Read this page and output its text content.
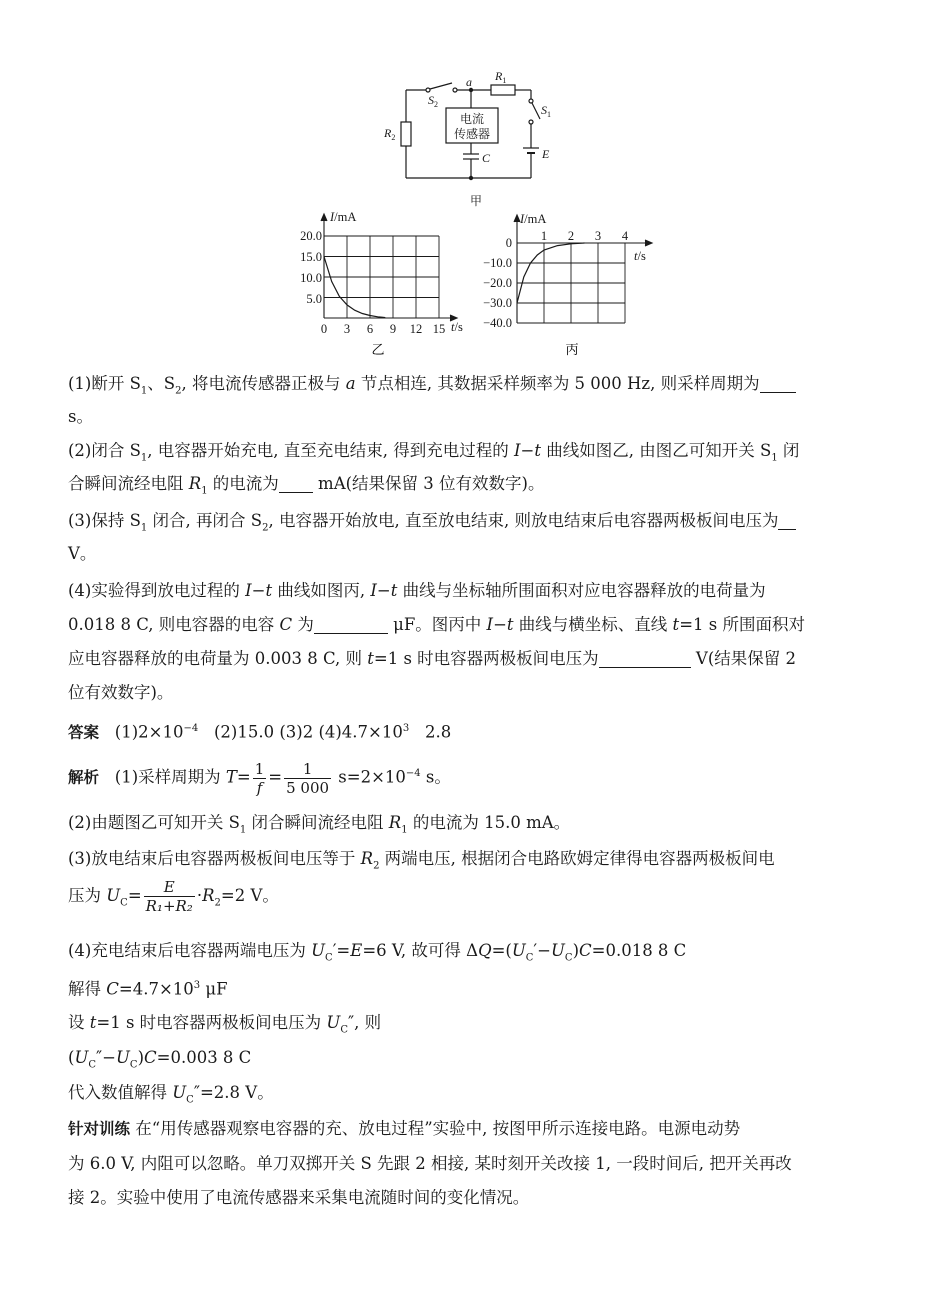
a
$S_2$
$R_1$
$S_1$
$R_2$
E
C
电流
传感器
甲
I/mA
t/s
20.0
15.0
10.0
5.0
0 3 6 9 12 15
乙
I/mA
t/s
0
−10.0
−20.0
−30.0
−40.0
1 2 3 4
丙
(1)断开 $S_1$、$S_2$, 将电流传感器正极与 a 节点相连, 其数据采样频率为 5 000 Hz, 则采样周期为
s。
(2)闭合 $S_1$, 电容器开始充电, 直至充电结束, 得到充电过程的 I−t 曲线如图乙, 由图乙可知开关 $S_1$ 闭
合瞬间流经电阻 $R_1$ 的电流为 mA(结果保留 3 位有效数字)。
(3)保持 $S_1$ 闭合, 再闭合 $S_2$, 电容器开始放电, 直至放电结束, 则放电结束后电容器两极板间电压为
V。
(4)实验得到放电过程的 I−t 曲线如图丙, I−t 曲线与坐标轴所围面积对应电容器释放的电荷量为
0.018 8 C, 则电容器的电容 C 为	μF。图丙中 I−t 曲线与横坐标、直线 t=1 s 所围面积对
应电容器释放的电荷量为 0.003 8 C, 则 t=1 s 时电容器两极板间电压为	V(结果保留 2
位有效数字)。
答案 $(1)2\times 10^{-4}$ (2)15.0 (3)2 $(4)4.7\times 10^3$ 2.8
解析 (1)采样周期为 $T= \frac{1}{f} = \frac{1}{5 000} s=2\times 10^{-4}$ s。
(2)由题图乙可知开关 $S_1$ 闭合瞬间流经电阻 $R_1$ 的电流为 15.0 mA。
(3)放电结束后电容器两极板间电压等于 $R_2$ 两端电压, 根据闭合电路欧姆定律得电容器两极板间电
压为 $U_C= \frac{E}{\text{R₁+R₂}} \cdot R_2=2$ V。
(4)充电结束后电容器两端电压为 $U_C'=E=6$ V, 故可得 $\Delta Q=(U_C'-U_C)C=0.018$ 8 C
解得 $C=4.7\times 10^3$ μF
设 t=1 s 时电容器两极板间电压为 $U_C''$, 则
$(U_C''-U_C)C=0.003$ 8 C
代入数值解得 $U_C''=2.8$ V。
针对训练 在“用传感器观察电容器的充、放电过程”实验中, 按图甲所示连接电路。电源电动势
为 6.0 V, 内阻可以忽略。单刀双掷开关 S 先跟 2 相接, 某时刻开关改接 1, 一段时间后, 把开关再改
接 2。实验中使用了电流传感器来采集电流随时间的变化情况。
